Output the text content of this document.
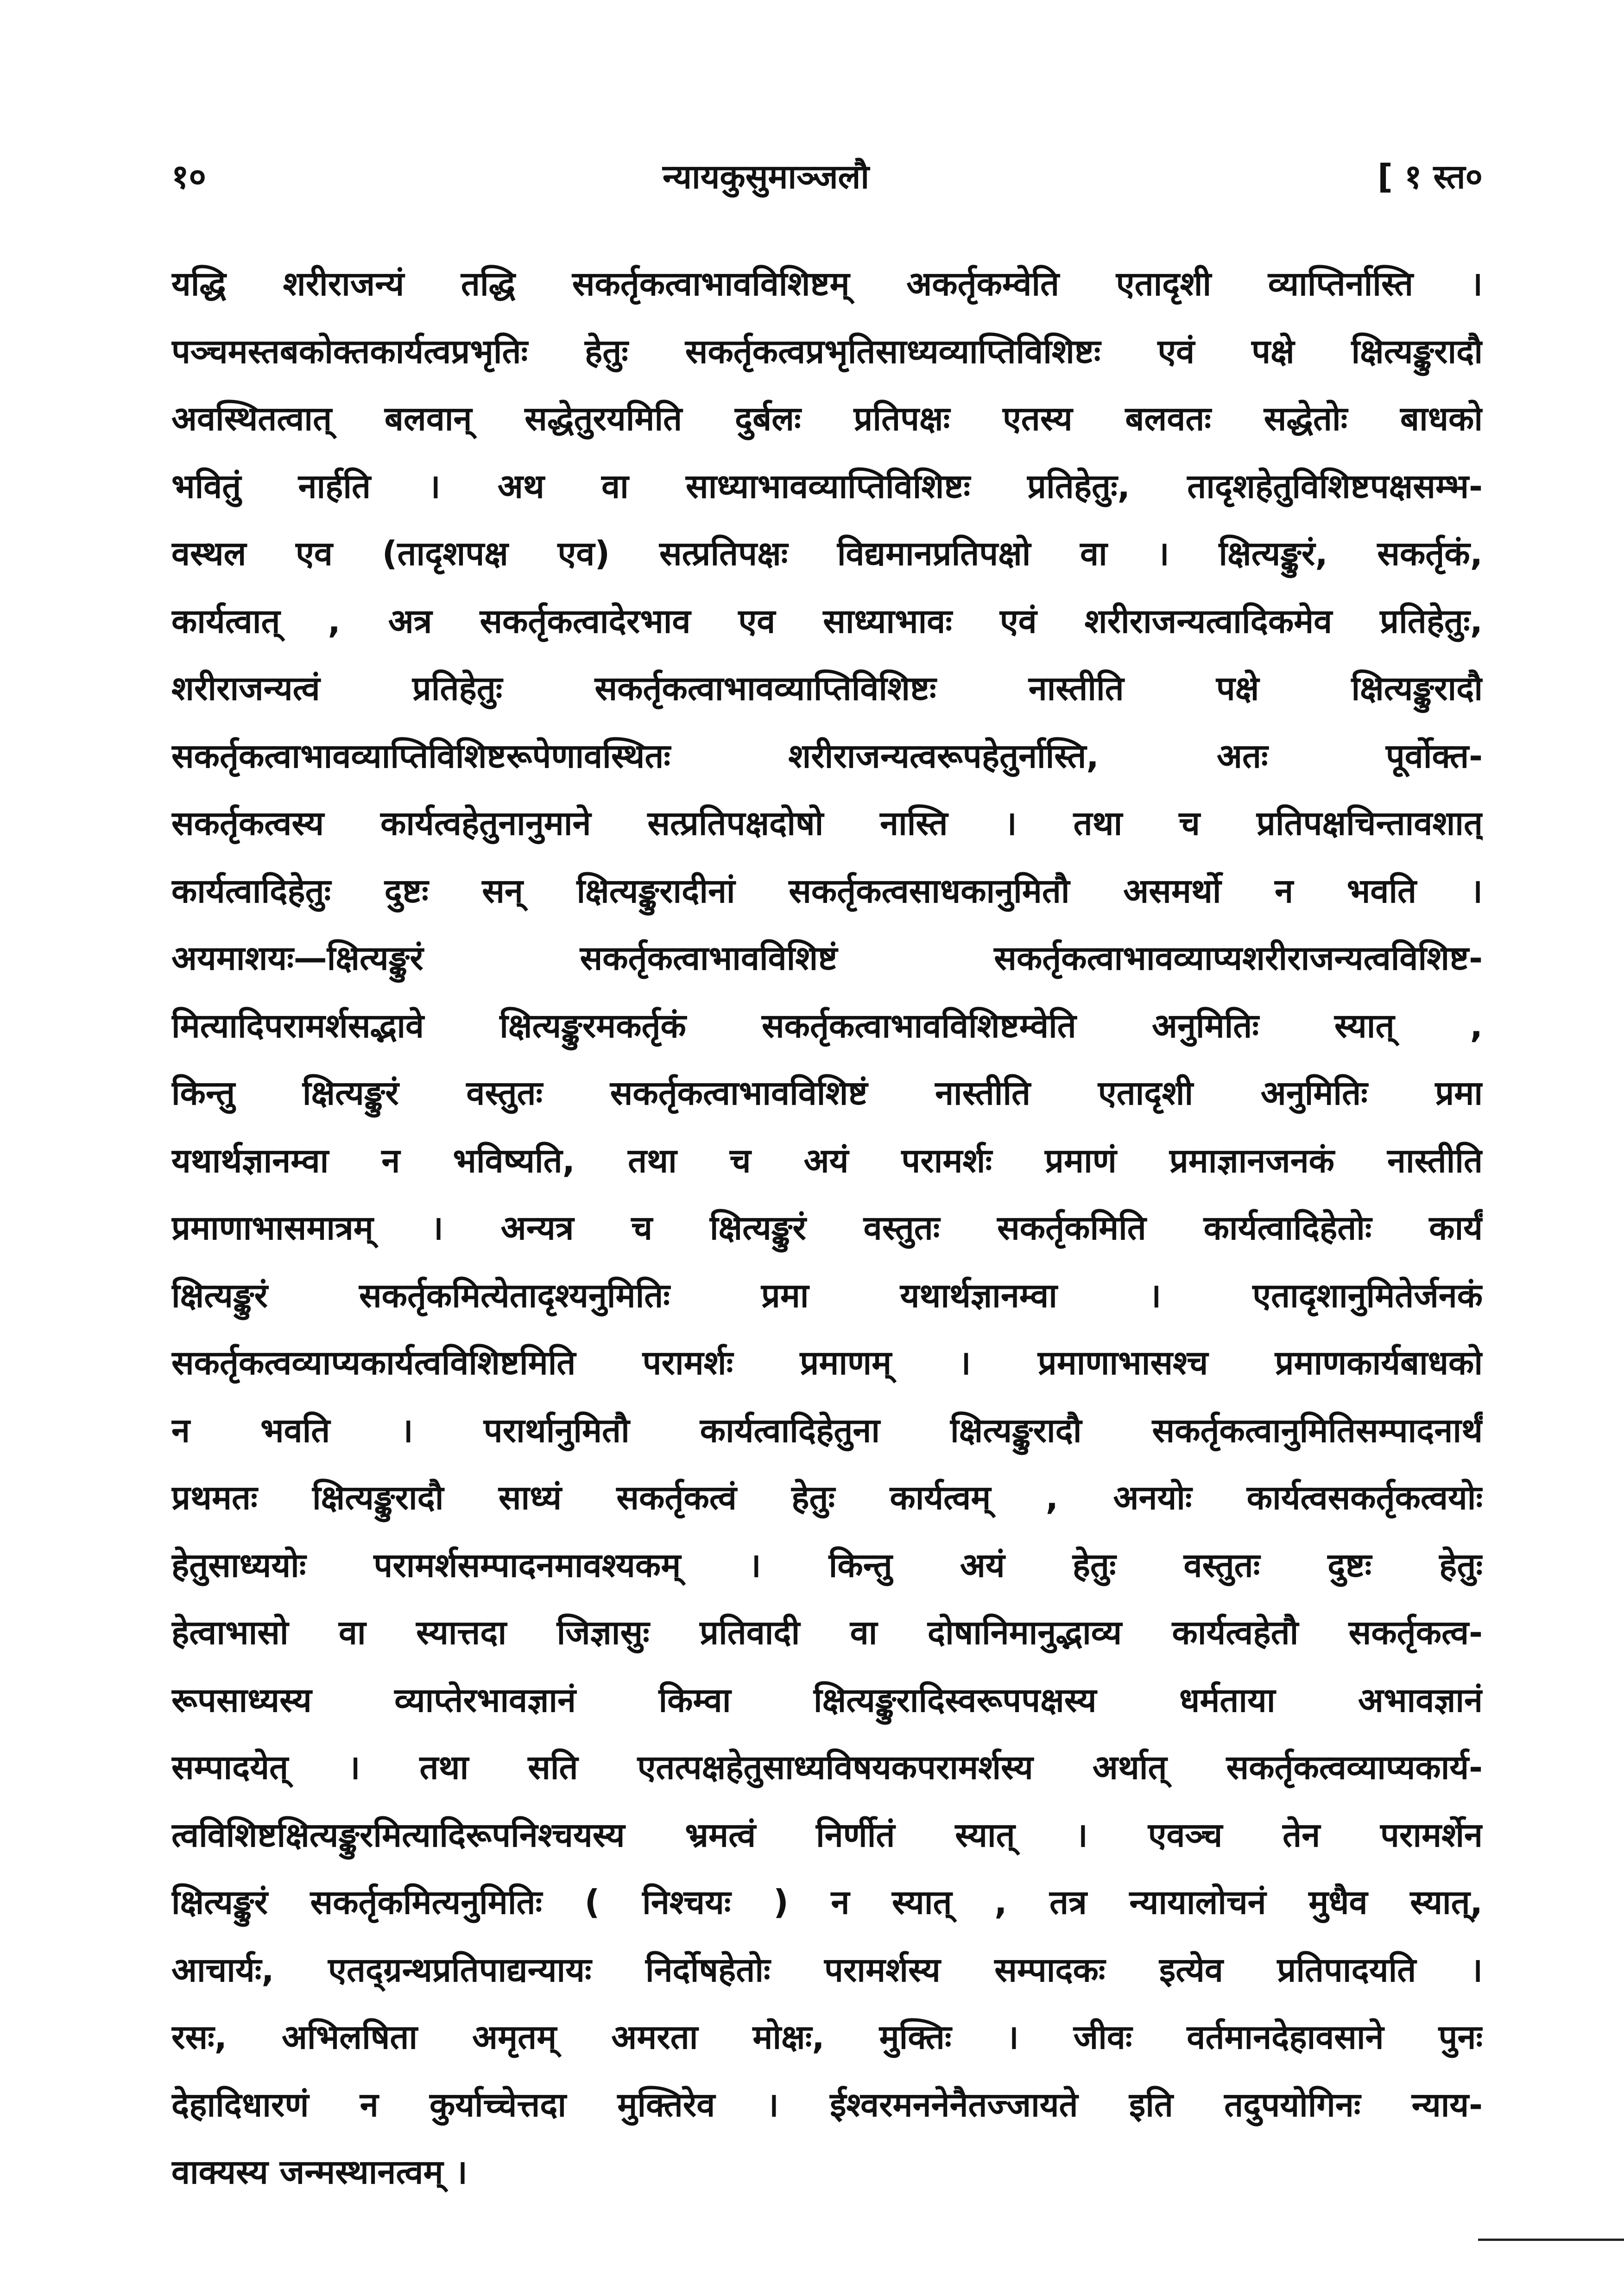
१०	न्यायकुसुमाञ्जलौ	[ १ स्त०
यद्धि शरीराजन्यं तद्धि सकर्तृकत्वाभावविशिष्टम् अकर्तृकम्वेति एतादृशी व्याप्तिर्नास्ति ।
पञ्चमस्तबकोक्तकार्यत्वप्रभृतिः हेतुः सकर्तृकत्वप्रभृतिसाध्यव्याप्तिविशिष्टः एवं पक्षे क्षित्यङ्कुरादौ
अवस्थितत्वात् बलवान् सद्धेतुरयमिति दुर्बलः प्रतिपक्षः एतस्य बलवतः सद्धेतोः बाधको
भवितुं नार्हति । अथ वा साध्याभावव्याप्तिविशिष्टः प्रतिहेतुः, तादृशहेतुविशिष्टपक्षसम्भ-
वस्थल एव (तादृशपक्ष एव) सत्प्रतिपक्षः विद्यमानप्रतिपक्षो वा । क्षित्यङ्कुरं, सकर्तृकं,
कार्यत्वात् , अत्र सकर्तृकत्वादेरभाव एव साध्याभावः एवं शरीराजन्यत्वादिकमेव प्रतिहेतुः,
शरीराजन्यत्वं प्रतिहेतुः सकर्तृकत्वाभावव्याप्तिविशिष्टः नास्तीति पक्षे क्षित्यङ्कुरादौ
सकर्तृकत्वाभावव्याप्तिविशिष्टरूपेणावस्थितः शरीराजन्यत्वरूपहेतुर्नास्ति, अतः पूर्वोक्त-
सकर्तृकत्वस्य कार्यत्वहेतुनानुमाने सत्प्रतिपक्षदोषो नास्ति । तथा च प्रतिपक्षचिन्तावशात्
कार्यत्वादिहेतुः दुष्टः सन् क्षित्यङ्कुरादीनां सकर्तृकत्वसाधकानुमितौ असमर्थो न भवति ।
अयमाशयः—क्षित्यङ्कुरं सकर्तृकत्वाभावविशिष्टं सकर्तृकत्वाभावव्याप्यशरीराजन्यत्वविशिष्ट-
मित्यादिपरामर्शसद्भावे क्षित्यङ्कुरमकर्तृकं सकर्तृकत्वाभावविशिष्टम्वेति अनुमितिः स्यात् ,
किन्तु क्षित्यङ्कुरं वस्तुतः सकर्तृकत्वाभावविशिष्टं नास्तीति एतादृशी अनुमितिः प्रमा
यथार्थज्ञानम्वा न भविष्यति, तथा च अयं परामर्शः प्रमाणं प्रमाज्ञानजनकं नास्तीति
प्रमाणाभासमात्रम् । अन्यत्र च क्षित्यङ्कुरं वस्तुतः सकर्तृकमिति कार्यत्वादिहेतोः कार्यं
क्षित्यङ्कुरं सकर्तृकमित्येतादृश्यनुमितिः प्रमा यथार्थज्ञानम्वा । एतादृशानुमितेर्जनकं
सकर्तृकत्वव्याप्यकार्यत्वविशिष्टमिति परामर्शः प्रमाणम् । प्रमाणाभासश्च प्रमाणकार्यबाधको
न भवति । परार्थानुमितौ कार्यत्वादिहेतुना क्षित्यङ्कुरादौ सकर्तृकत्वानुमितिसम्पादनार्थं
प्रथमतः क्षित्यङ्कुरादौ साध्यं सकर्तृकत्वं हेतुः कार्यत्वम् , अनयोः कार्यत्वसकर्तृकत्वयोः
हेतुसाध्ययोः परामर्शसम्पादनमावश्यकम् । किन्तु अयं हेतुः वस्तुतः दुष्टः हेतुः
हेत्वाभासो वा स्यात्तदा जिज्ञासुः प्रतिवादी वा दोषानिमानुद्भाव्य कार्यत्वहेतौ सकर्तृकत्व-
रूपसाध्यस्य व्याप्तेरभावज्ञानं किम्वा क्षित्यङ्कुरादिस्वरूपपक्षस्य धर्मताया अभावज्ञानं
सम्पादयेत् । तथा सति एतत्पक्षहेतुसाध्यविषयकपरामर्शस्य अर्थात् सकर्तृकत्वव्याप्यकार्य-
त्वविशिष्टक्षित्यङ्कुरमित्यादिरूपनिश्चयस्य भ्रमत्वं निर्णीतं स्यात् । एवञ्च तेन परामर्शेन
क्षित्यङ्कुरं सकर्तृकमित्यनुमितिः ( निश्चयः ) न स्यात् , तत्र न्यायालोचनं मुधैव स्यात्,
आचार्यः, एतद्ग्रन्थप्रतिपाद्यन्यायः निर्दोषहेतोः परामर्शस्य सम्पादकः इत्येव प्रतिपादयति ।
रसः, अभिलषिता अमृतम् अमरता मोक्षः, मुक्तिः । जीवः वर्तमानदेहावसाने पुनः
देहादिधारणं न कुर्याच्चेत्तदा मुक्तिरेव । ईश्वरमननेनैतज्जायते इति तदुपयोगिनः न्याय-
वाक्यस्य जन्मस्थानत्वम् ।
